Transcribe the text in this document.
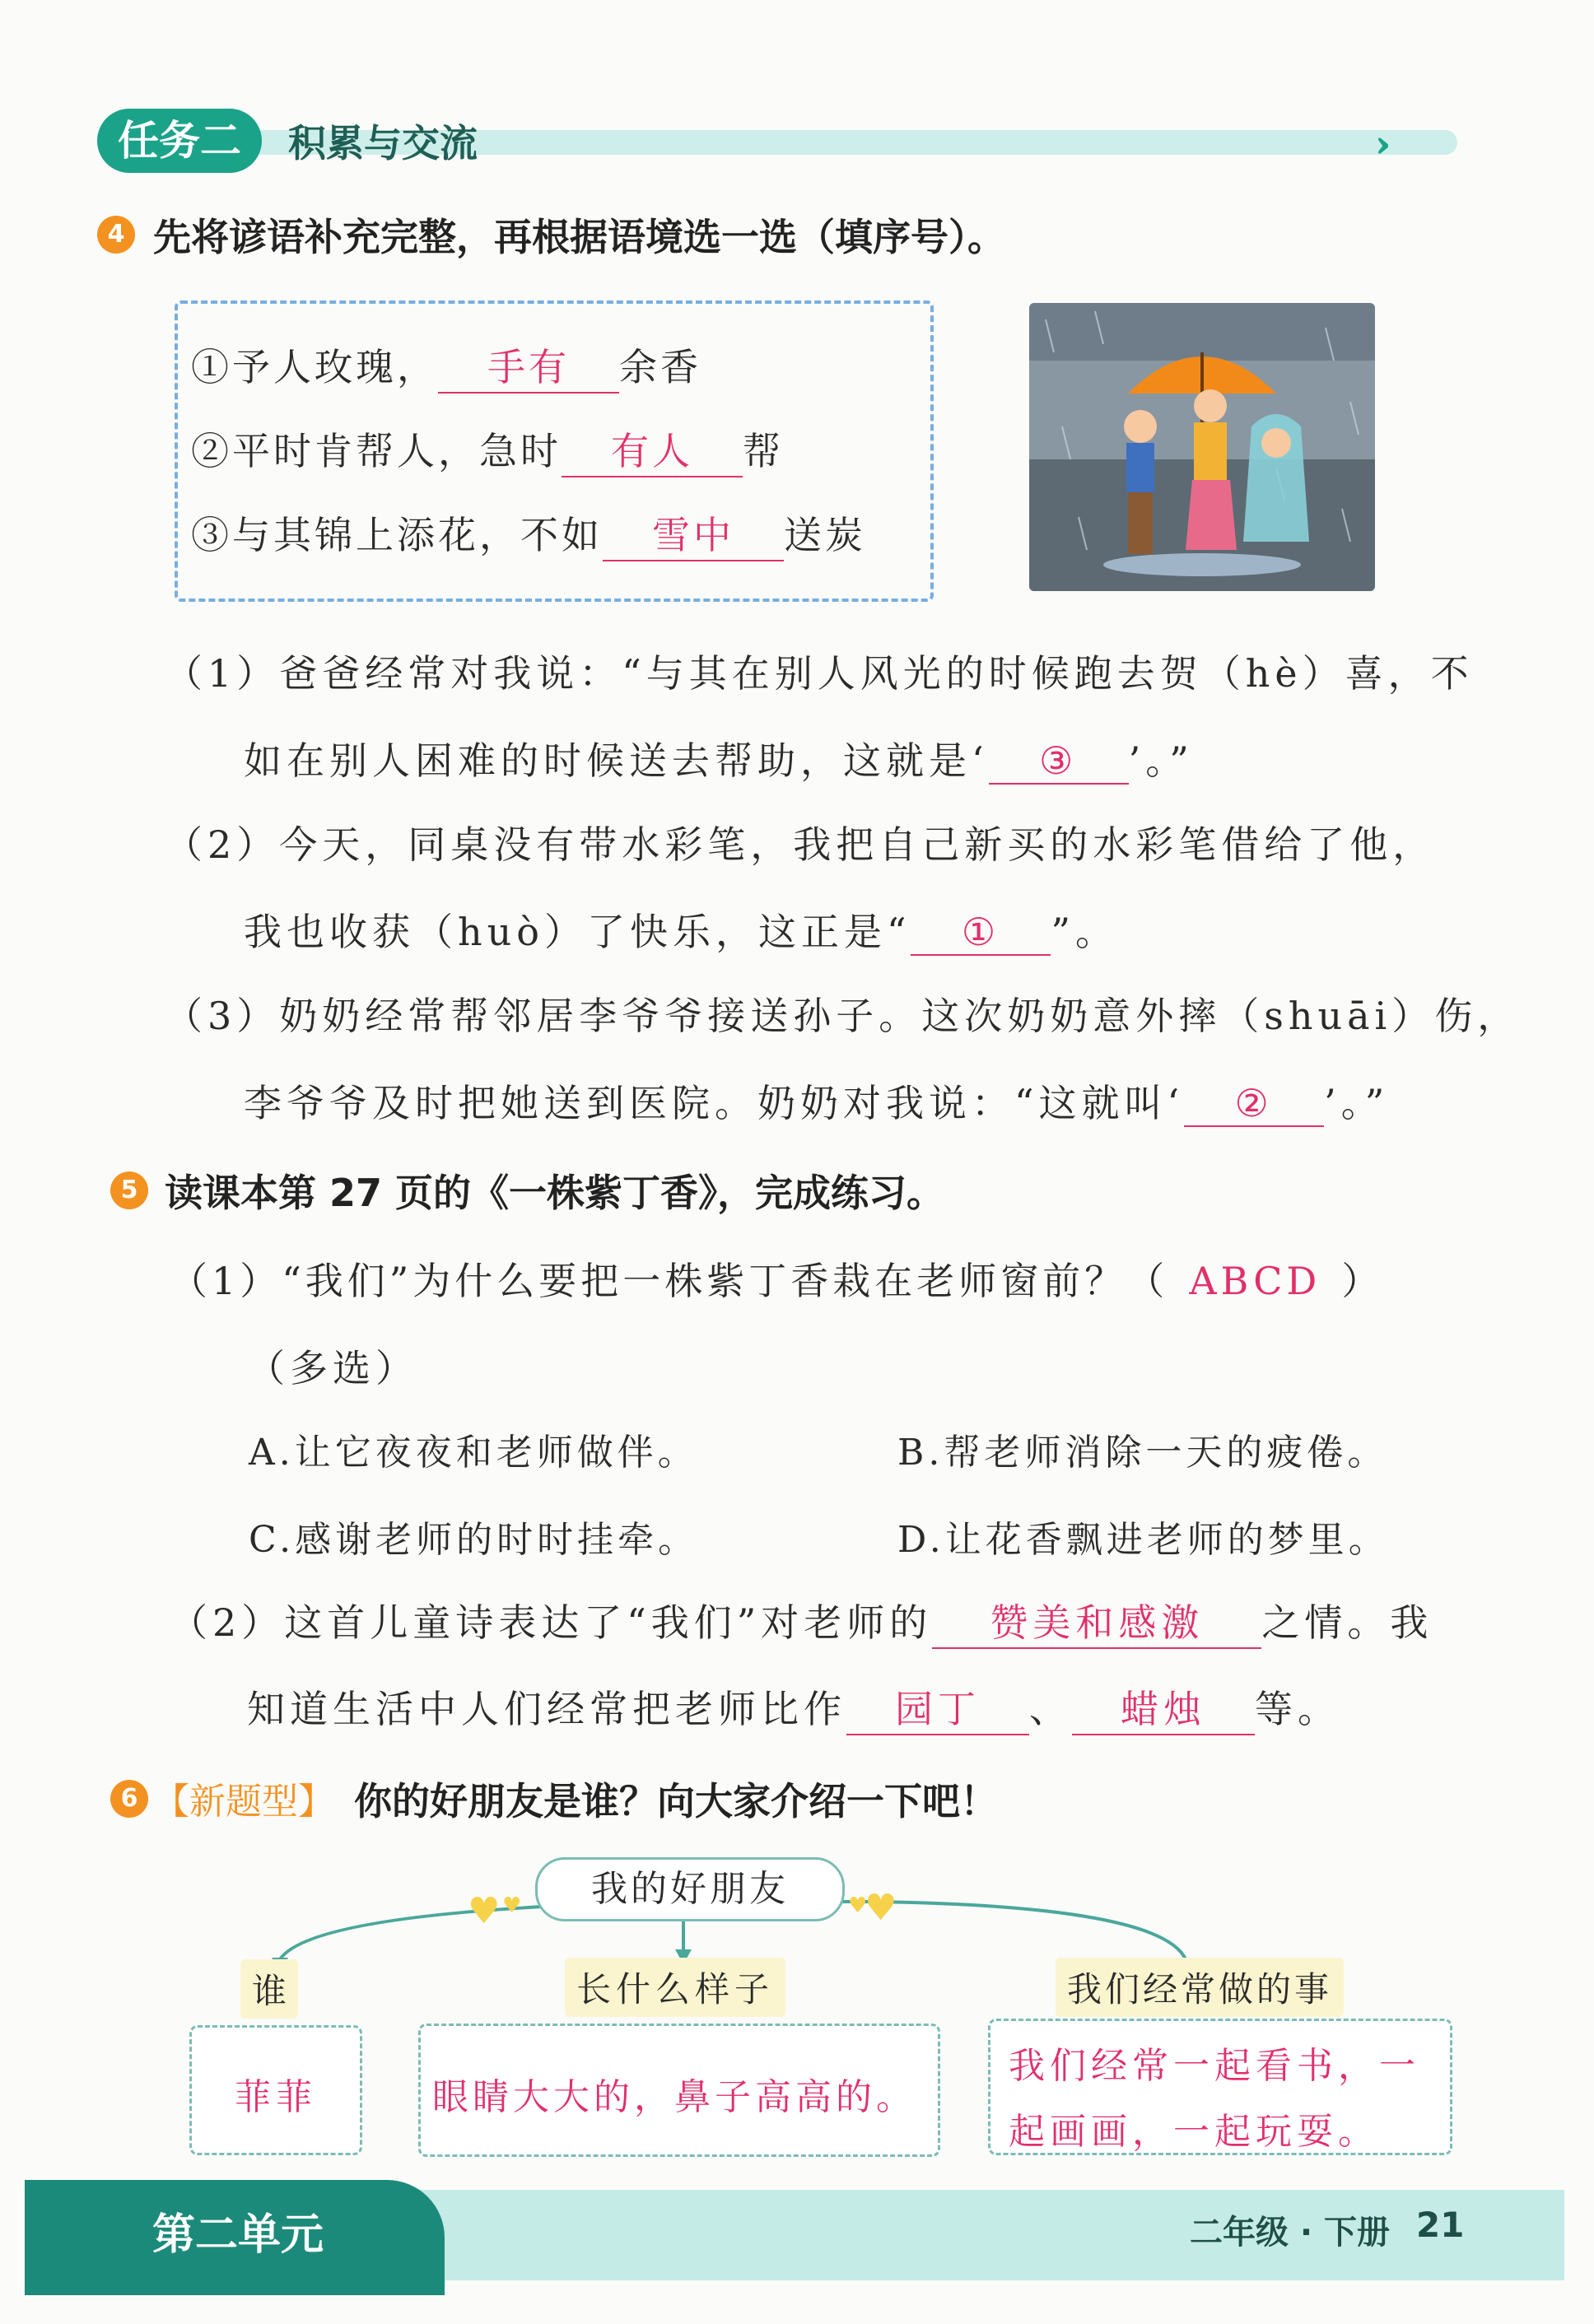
任务二	积累与交流	››
4 先将谚语补充完整，再根据语境选一选（填序号）。
①予人玫瑰， 手有 余香
②平时肯帮人，急时 有人 帮
③与其锦上添花，不如 雪中 送炭
（1）爸爸经常对我说：“与其在别人风光的时候跑去贺（hè）喜，不
如在别人困难的时候送去帮助，这就是‘ ③ ’。”
（2）今天，同桌没有带水彩笔，我把自己新买的水彩笔借给了他，
我也收获（huò）了快乐，这正是“ ① ”。
（3）奶奶经常帮邻居李爷爷接送孙子。这次奶奶意外摔（shuāi）伤，
李爷爷及时把她送到医院。奶奶对我说：“这就叫‘ ② ’。”
5 读课本第 27 页的《一株紫丁香》，完成练习。
（1）“我们”为什么要把一株紫丁香栽在老师窗前？（ ABCD ）
（多选）
A.让它夜夜和老师做伴。	B.帮老师消除一天的疲倦。
C.感谢老师的时时挂牵。	D.让花香飘进老师的梦里。
（2）这首儿童诗表达了“我们”对老师的 赞美和感激 之情。我
知道生活中人们经常把老师比作 园丁 、 蜡烛 等。
6 【新题型】 你的好朋友是谁？向大家介绍一下吧！
♥ ♥	♥
♥
我的好朋友
谁	长什么样子	我们经常做的事
菲菲	眼睛大大的，鼻子高高的。
我们经常一起看书，一
起画画，一起玩耍。
第二单元	二年级 · 下册 21
